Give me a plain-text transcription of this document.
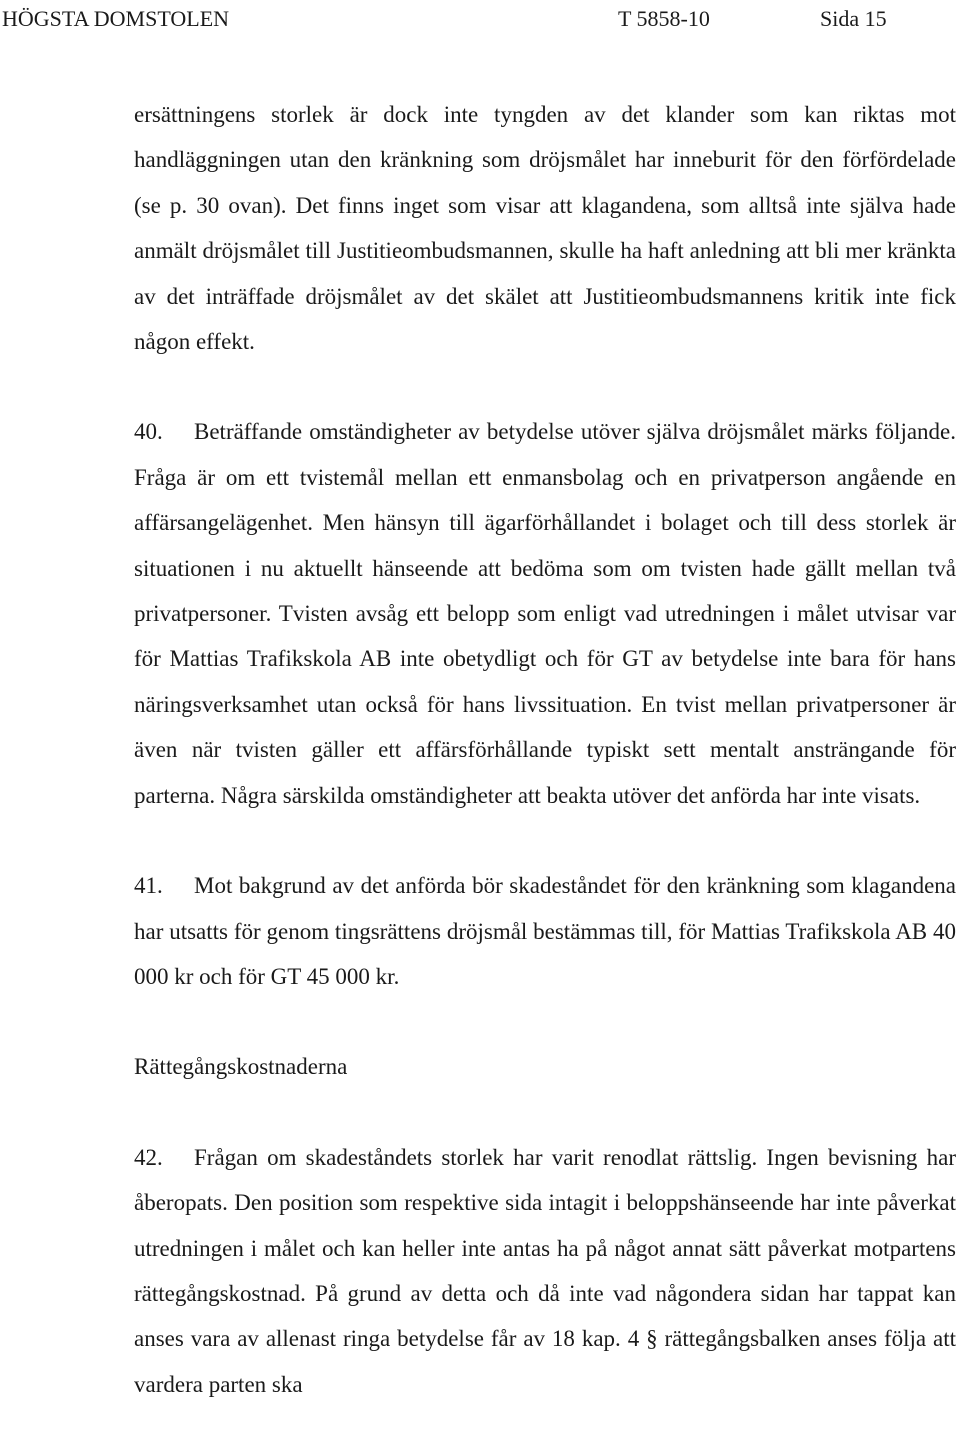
HÖGSTA DOMSTOLEN	T 5858-10	Sida 15

ersättningens storlek är dock inte tyngden av det klander som kan riktas mot handläggningen utan den kränkning som dröjsmålet har inneburit för den förfördelade (se p. 30 ovan). Det finns inget som visar att klagandena, som alltså inte själva hade anmält dröjsmålet till Justitieombudsmannen, skulle ha haft anledning att bli mer kränkta av det inträffade dröjsmålet av det skälet att Justitieombudsmannens kritik inte fick någon effekt.

40. Beträffande omständigheter av betydelse utöver själva dröjsmålet märks följande. Fråga är om ett tvistemål mellan ett enmansbolag och en privatperson angående en affärsangelägenhet. Men hänsyn till ägarförhållandet i bolaget och till dess storlek är situationen i nu aktuellt hänseende att bedöma som om tvisten hade gällt mellan två privatpersoner. Tvisten avsåg ett belopp som enligt vad utredningen i målet utvisar var för Mattias Trafikskola AB inte obetydligt och för GT av betydelse inte bara för hans näringsverksamhet utan också för hans livssituation. En tvist mellan privatpersoner är även när tvisten gäller ett affärsförhållande typiskt sett mentalt ansträngande för parterna. Några särskilda omständigheter att beakta utöver det anförda har inte visats.

41. Mot bakgrund av det anförda bör skadeståndet för den kränkning som klagandena har utsatts för genom tingsrättens dröjsmål bestämmas till, för Mattias Trafikskola AB 40 000 kr och för GT 45 000 kr.

Rättegångskostnaderna

42. Frågan om skadeståndets storlek har varit renodlat rättslig. Ingen bevisning har åberopats. Den position som respektive sida intagit i beloppshänseende har inte påverkat utredningen i målet och kan heller inte antas ha på något annat sätt påverkat motpartens rättegångskostnad. På grund av detta och då inte vad någondera sidan har tappat kan anses vara av allenast ringa betydelse får av 18 kap. 4 § rättegångsbalken anses följa att vardera parten ska
